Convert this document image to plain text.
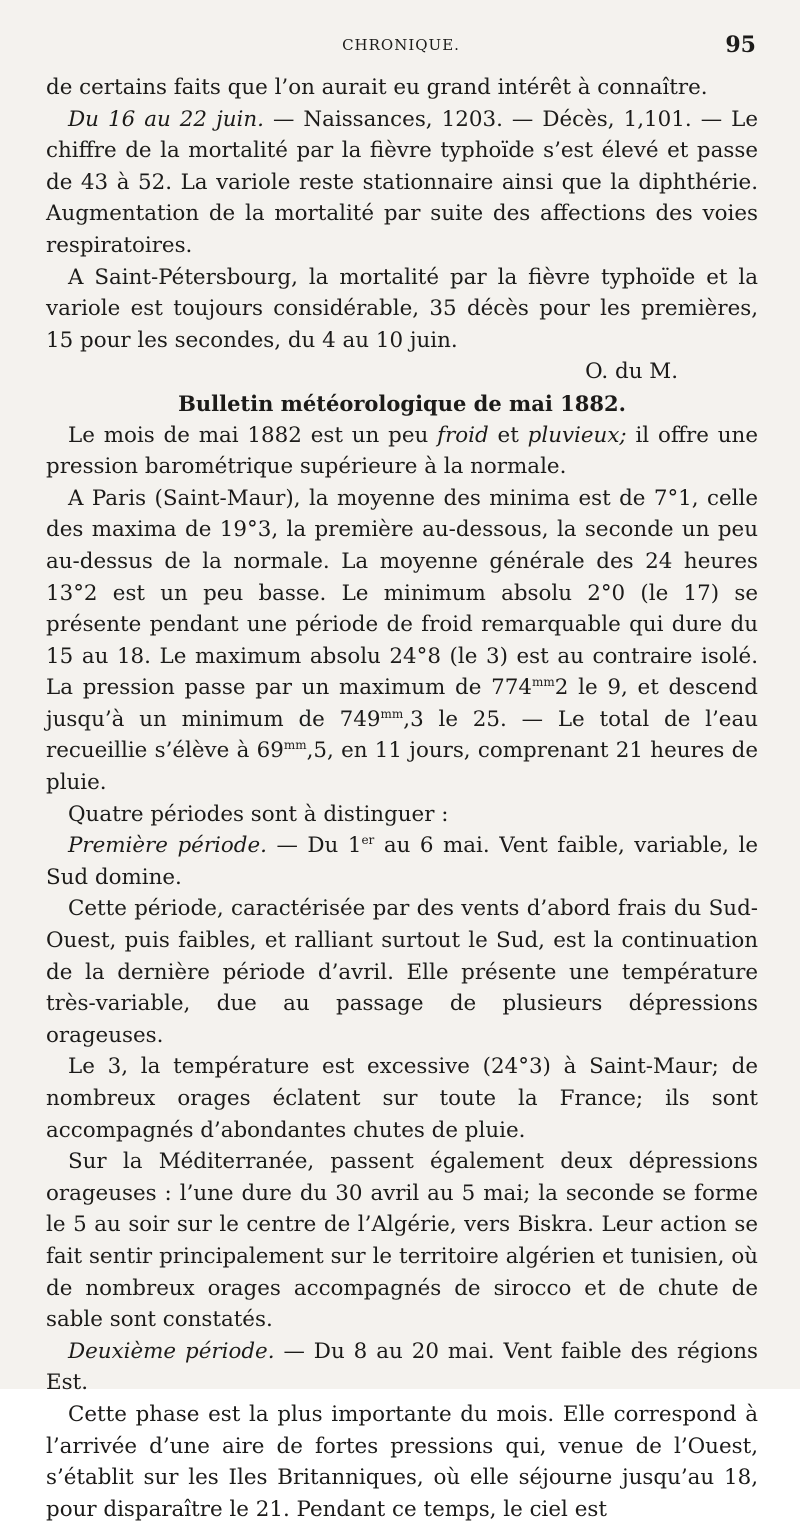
CHRONIQUE.	95

de certains faits que l’on aurait eu grand intérêt à connaître.

Du 16 au 22 juin. — Naissances, 1203. — Décès, 1,101. — Le chiffre de la mortalité par la fièvre typhoïde s’est élevé et passe de 43 à 52. La variole reste stationnaire ainsi que la diphthérie. Augmentation de la mortalité par suite des affections des voies respiratoires.

A Saint-Pétersbourg, la mortalité par la fièvre typhoïde et la variole est toujours considérable, 35 décès pour les premières, 15 pour les secondes, du 4 au 10 juin.

O. du M.

Bulletin météorologique de mai 1882.

Le mois de mai 1882 est un peu froid et pluvieux; il offre une pression barométrique supérieure à la normale.

A Paris (Saint-Maur), la moyenne des minima est de 7°1, celle des maxima de 19°3, la première au-dessous, la seconde un peu au-dessus de la normale. La moyenne générale des 24 heures 13°2 est un peu basse. Le minimum absolu 2°0 (le 17) se présente pendant une période de froid remarquable qui dure du 15 au 18. Le maximum absolu 24°8 (le 3) est au contraire isolé. La pression passe par un maximum de $774^{mm}2$ le 9, et descend jusqu’à un minimum de $749^{mm},3$ le 25. — Le total de l’eau recueillie s’élève à $69^{mm},5$, en 11 jours, comprenant 21 heures de pluie.

Quatre périodes sont à distinguer :

Première période. — Du 1er au 6 mai. Vent faible, variable, le Sud domine.

Cette période, caractérisée par des vents d’abord frais du Sud-Ouest, puis faibles, et ralliant surtout le Sud, est la continuation de la dernière période d’avril. Elle présente une température très-variable, due au passage de plusieurs dépressions orageuses.

Le 3, la température est excessive (24°3) à Saint-Maur; de nombreux orages éclatent sur toute la France; ils sont accompagnés d’abondantes chutes de pluie.

Sur la Méditerranée, passent également deux dépressions orageuses : l’une dure du 30 avril au 5 mai; la seconde se forme le 5 au soir sur le centre de l’Algérie, vers Biskra. Leur action se fait sentir principalement sur le territoire algérien et tunisien, où de nombreux orages accompagnés de sirocco et de chute de sable sont constatés.

Deuxième période. — Du 8 au 20 mai. Vent faible des régions Est.

Cette phase est la plus importante du mois. Elle correspond à l’arrivée d’une aire de fortes pressions qui, venue de l’Ouest, s’établit sur les Iles Britanniques, où elle séjourne jusqu’au 18, pour disparaître le 21. Pendant ce temps, le ciel est
